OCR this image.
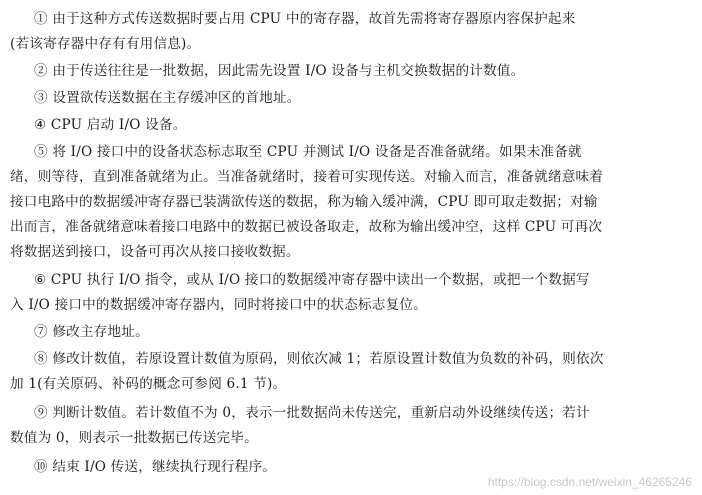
① 由于这种方式传送数据时要占用 CPU 中的寄存器，故首先需将寄存器原内容保护起来
(若该寄存器中存有有用信息)。
② 由于传送往往是一批数据，因此需先设置 I/O 设备与主机交换数据的计数值。
③ 设置欲传送数据在主存缓冲区的首地址。
④ CPU 启动 I/O 设备。
⑤ 将 I/O 接口中的设备状态标志取至 CPU 并测试 I/O 设备是否准备就绪。如果未准备就
绪，则等待，直到准备就绪为止。当准备就绪时，接着可实现传送。对输入而言，准备就绪意味着
接口电路中的数据缓冲寄存器已装满欲传送的数据，称为输入缓冲满，CPU 即可取走数据；对输
出而言，准备就绪意味着接口电路中的数据已被设备取走，故称为输出缓冲空，这样 CPU 可再次
将数据送到接口，设备可再次从接口接收数据。
⑥ CPU 执行 I/O 指令，或从 I/O 接口的数据缓冲寄存器中读出一个数据，或把一个数据写
入 I/O 接口中的数据缓冲寄存器内，同时将接口中的状态标志复位。
⑦ 修改主存地址。
⑧ 修改计数值，若原设置计数值为原码，则依次减 1；若原设置计数值为负数的补码，则依次
加 1(有关原码、补码的概念可参阅 6.1 节)。
⑨ 判断计数值。若计数值不为 0，表示一批数据尚未传送完，重新启动外设继续传送；若计
数值为 0，则表示一批数据已传送完毕。
⑩ 结束 I/O 传送，继续执行现行程序。
https://blog.csdn.net/weixin_46265246
